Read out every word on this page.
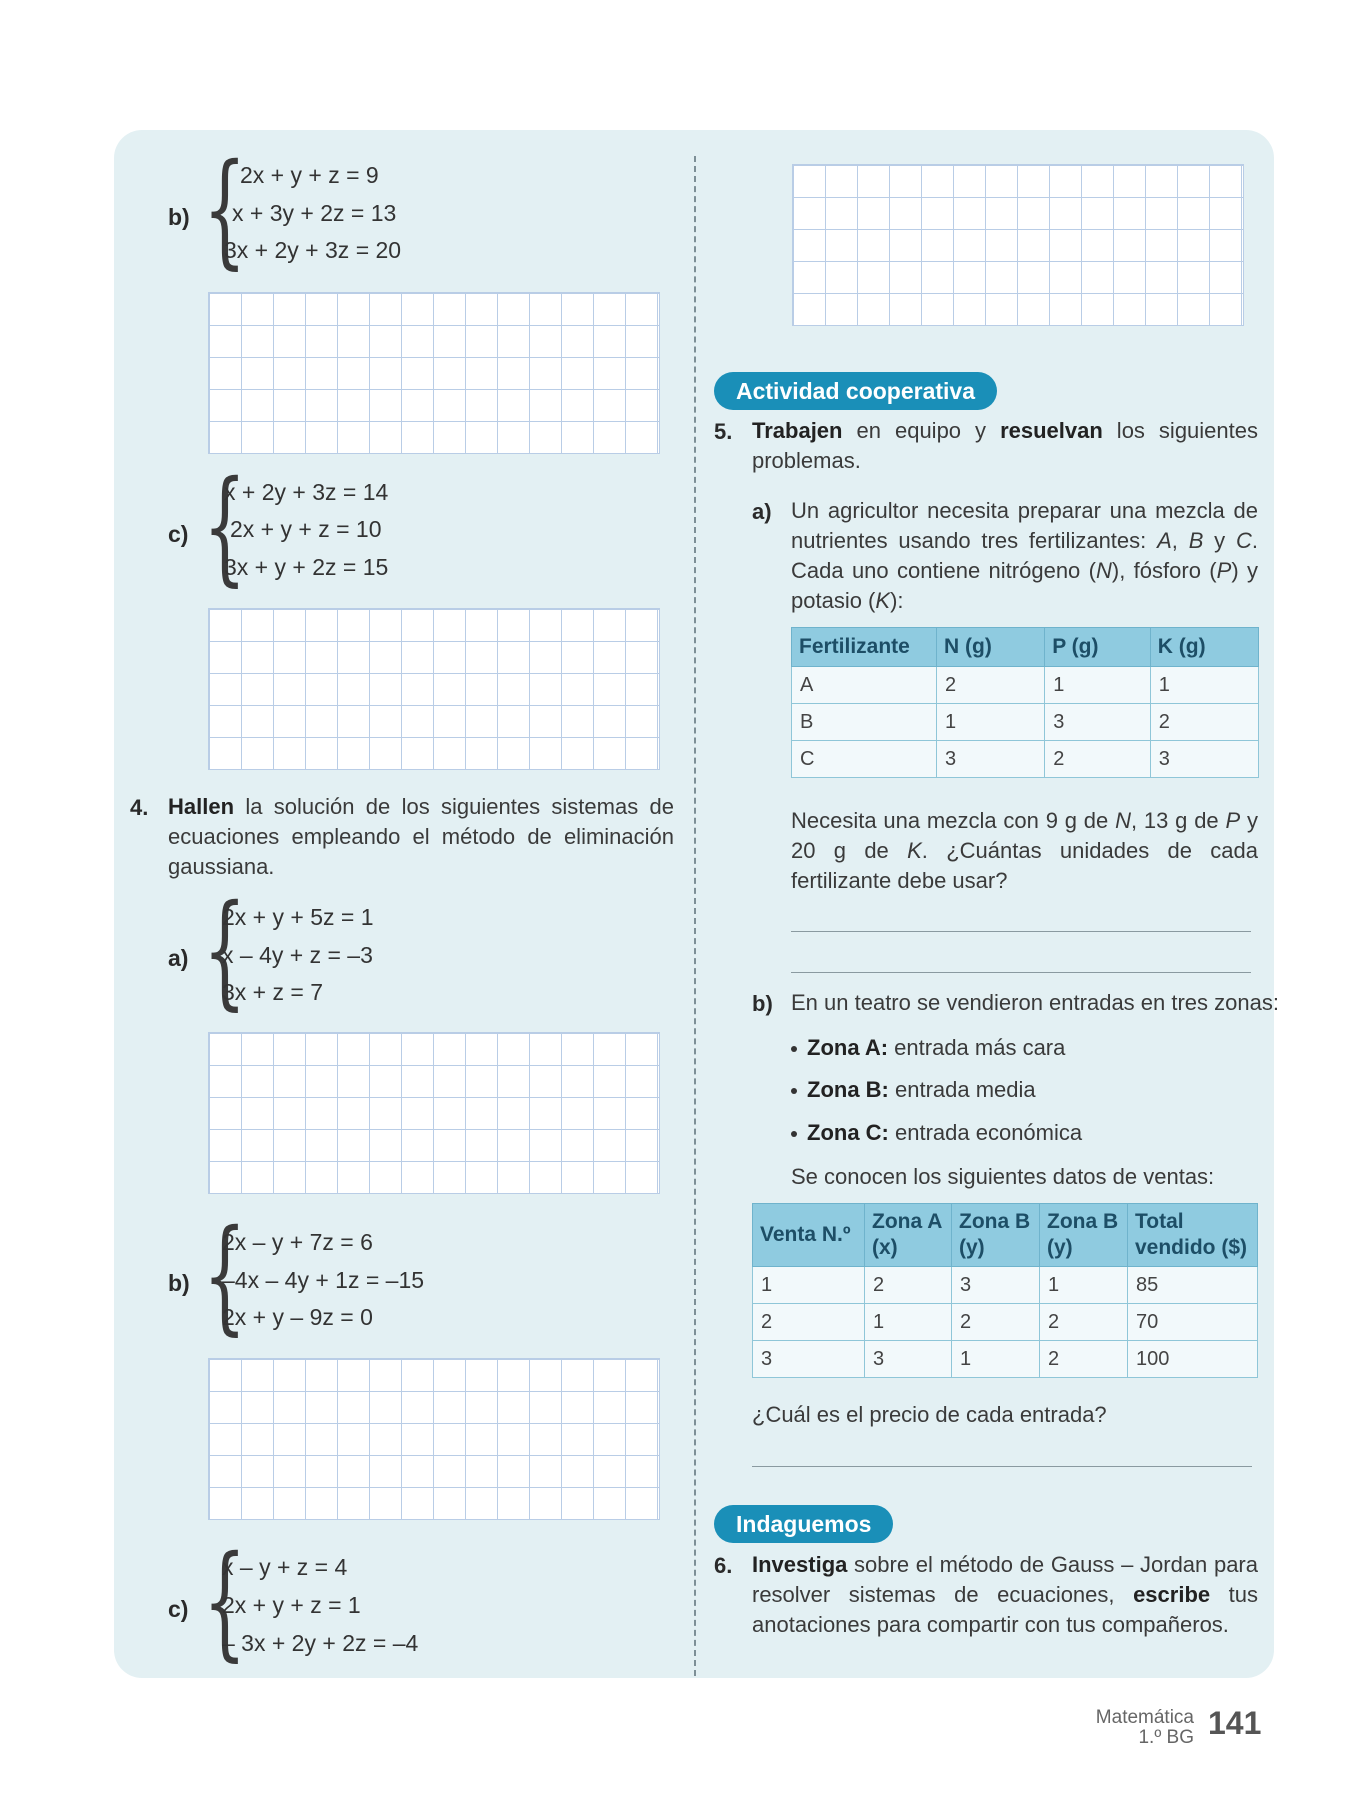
b) {
2x + y + z = 9
x + 3y + 2z = 13
3x + 2y + 3z = 20
c) {
x + 2y + 3z = 14
2x + y + z = 10
3x + y + 2z = 15
4. Hallen la solución de los siguientes sistemas de ecuaciones empleando el método de eliminación gaussiana.
a) {
2x + y + 5z = 1
x – 4y + z = –3
3x + z = 7
b) {
2x – y + 7z = 6
–4x – 4y + 1z = –15
2x + y – 9z = 0
c) {
x – y + z = 4
2x + y + z = 1
– 3x + 2y + 2z = –4
Actividad cooperativa
5. Trabajen en equipo y resuelvan los siguientes problemas.
a) Un agricultor necesita preparar una mezcla de nutrientes usando tres fertilizantes: A, B y C. Cada uno contiene nitrógeno (N), fósforo (P) y potasio (K):
Fertilizante	N (g)	P (g)	K (g)
A	2	1	1
B	1	3	2
C	3	2	3
Necesita una mezcla con 9 g de N, 13 g de P y 20 g de K. ¿Cuántas unidades de cada fertilizante debe usar?
b) En un teatro se vendieron entradas en tres zonas:
Zona A: entrada más cara
Zona B: entrada media
Zona C: entrada económica
Se conocen los siguientes datos de ventas:
Venta N.º	Zona A (x)	Zona B (y)	Zona B (y)	Total vendido ($)
1	2	3	1	85
2	1	2	2	70
3	3	1	2	100
¿Cuál es el precio de cada entrada?
Indaguemos
6. Investiga sobre el método de Gauss – Jordan para resolver sistemas de ecuaciones, escribe tus anotaciones para compartir con tus compañeros.
Matemática
1.º BG 141
